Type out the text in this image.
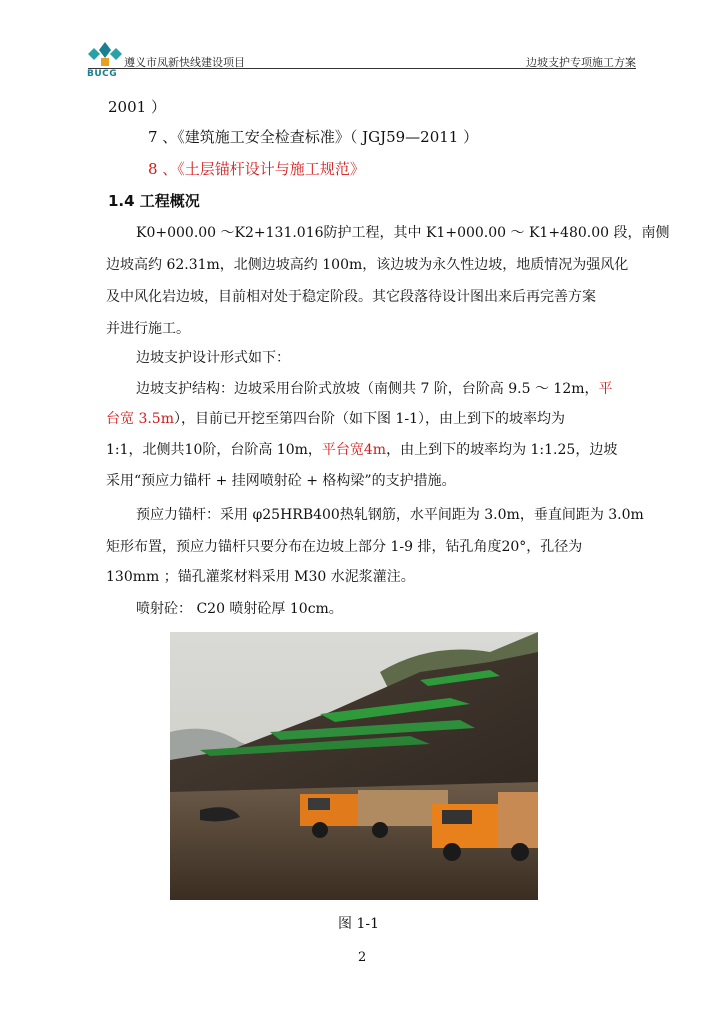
BUCG
遵义市凤新快线建设项目	边坡支护专项施工方案
2001 ）
7 、《建筑施工安全检查标准》（ JGJ59—2011 ）
8 、《土层锚杆设计与施工规范》
1.4 工程概况
K0+000.00 ～K2+131.016防护工程，其中 K1+000.00 ～ K1+480.00 段，南侧
边坡高约 62.31m，北侧边坡高约 100m，该边坡为永久性边坡，地质情况为强风化
及中风化岩边坡，目前相对处于稳定阶段。其它段落待设计图出来后再完善方案
并进行施工。
边坡支护设计形式如下：
边坡支护结构：边坡采用台阶式放坡（南侧共 7 阶，台阶高 9.5 ～ 12m，平
台宽 3.5m），目前已开挖至第四台阶（如下图 1-1），由上到下的坡率均为
1:1，北侧共10阶，台阶高 10m，平台宽4m，由上到下的坡率均为 1:1.25，边坡
采用“预应力锚杆 + 挂网喷射砼 + 格构梁”的支护措施。
预应力锚杆：采用 φ25HRB400热轧钢筋，水平间距为 3.0m，垂直间距为 3.0m
矩形布置，预应力锚杆只要分布在边坡上部分 1-9 排，钻孔角度20°，孔径为
130mm ；锚孔灌浆材料采用 M30 水泥浆灌注。
喷射砼： C20 喷射砼厚 10cm。
图 1-1
2
